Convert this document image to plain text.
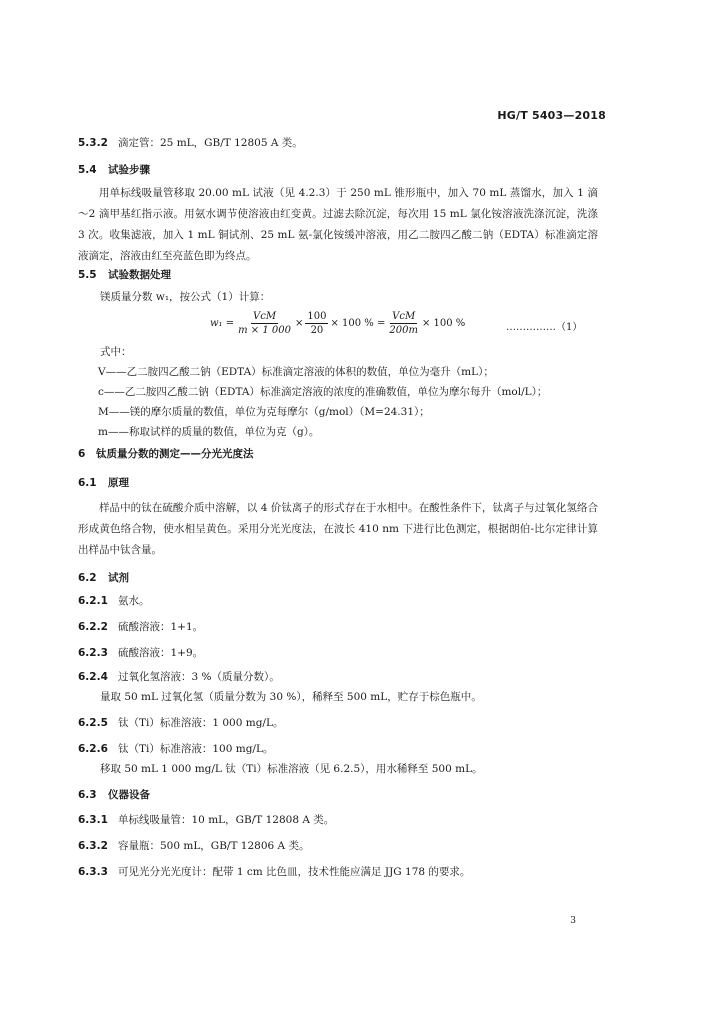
HG/T 5403—2018
5.3.2 滴定管：25 mL，GB/T 12805 A 类。
5.4 试验步骤
用单标线吸量管移取 20.00 mL 试液（见 4.2.3）于 250 mL 锥形瓶中，加入 70 mL 蒸馏水，加入 1 滴～2 滴甲基红指示液。用氨水调节使溶液由红变黄。过滤去除沉淀，每次用 15 mL 氯化铵溶液洗涤沉淀，洗涤 3 次。收集滤液，加入 1 mL 铜试剂、25 mL 氨-氯化铵缓冲溶液，用乙二胺四乙酸二钠（EDTA）标准滴定溶液滴定，溶液由红至亮蓝色即为终点。
5.5 试验数据处理
镁质量分数 w₁，按公式（1）计算：
$w_1 = \frac{\text{VcM}}{m \times 1 000} \times \frac{100}{20} \times 100$ % = $\frac{\text{VcM}}{200m} \times 100$ %	……………（1）
式中：
V——乙二胺四乙酸二钠（EDTA）标准滴定溶液的体积的数值，单位为毫升（mL）；
c——乙二胺四乙酸二钠（EDTA）标准滴定溶液的浓度的准确数值，单位为摩尔每升（mol/L）；
M——镁的摩尔质量的数值，单位为克每摩尔（g/mol）（M=24.31）；
m——称取试样的质量的数值，单位为克（g）。
6 钛质量分数的测定——分光光度法
6.1 原理
样品中的钛在硫酸介质中溶解，以 4 价钛离子的形式存在于水相中。在酸性条件下，钛离子与过氧化氢络合形成黄色络合物，使水相呈黄色。采用分光光度法，在波长 410 nm 下进行比色测定，根据朗伯-比尔定律计算出样品中钛含量。
6.2 试剂
6.2.1 氨水。
6.2.2 硫酸溶液：1+1。
6.2.3 硫酸溶液：1+9。
6.2.4 过氧化氢溶液：3 %（质量分数）。
量取 50 mL 过氧化氢（质量分数为 30 %），稀释至 500 mL，贮存于棕色瓶中。
6.2.5 钛（Ti）标准溶液：1 000 mg/L。
6.2.6 钛（Ti）标准溶液：100 mg/L。
移取 50 mL 1 000 mg/L 钛（Ti）标准溶液（见 6.2.5），用水稀释至 500 mL。
6.3 仪器设备
6.3.1 单标线吸量管：10 mL，GB/T 12808 A 类。
6.3.2 容量瓶：500 mL，GB/T 12806 A 类。
6.3.3 可见光分光光度计：配带 1 cm 比色皿，技术性能应满足 JJG 178 的要求。
3
